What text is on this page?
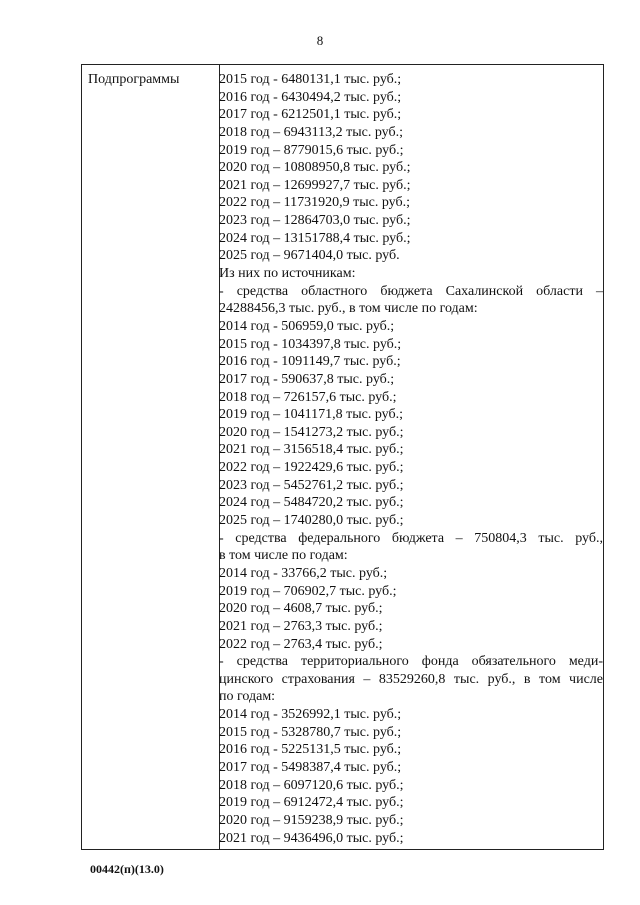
8
Подпрограммы	2015 год - 6480131,1 тыс. руб.;
2016 год - 6430494,2 тыс. руб.;
2017 год - 6212501,1 тыс. руб.;
2018 год – 6943113,2 тыс. руб.;
2019 год – 8779015,6 тыс. руб.;
2020 год – 10808950,8 тыс. руб.;
2021 год – 12699927,7 тыс. руб.;
2022 год – 11731920,9 тыс. руб.;
2023 год – 12864703,0 тыс. руб.;
2024 год – 13151788,4 тыс. руб.;
2025 год – 9671404,0 тыс. руб.
Из них по источникам:
- средства областного бюджета Сахалинской области –
24288456,3 тыс. руб., в том числе по годам:
2014 год - 506959,0 тыс. руб.;
2015 год - 1034397,8 тыс. руб.;
2016 год - 1091149,7 тыс. руб.;
2017 год - 590637,8 тыс. руб.;
2018 год – 726157,6 тыс. руб.;
2019 год – 1041171,8 тыс. руб.;
2020 год – 1541273,2 тыс. руб.;
2021 год – 3156518,4 тыс. руб.;
2022 год – 1922429,6 тыс. руб.;
2023 год – 5452761,2 тыс. руб.;
2024 год – 5484720,2 тыс. руб.;
2025 год – 1740280,0 тыс. руб.;
- средства федерального бюджета – 750804,3 тыс. руб.,
в том числе по годам:
2014 год - 33766,2 тыс. руб.;
2019 год – 706902,7 тыс. руб.;
2020 год – 4608,7 тыс. руб.;
2021 год – 2763,3 тыс. руб.;
2022 год – 2763,4 тыс. руб.;
- средства территориального фонда обязательного меди-
цинского страхования – 83529260,8 тыс. руб., в том числе
по годам:
2014 год - 3526992,1 тыс. руб.;
2015 год - 5328780,7 тыс. руб.;
2016 год - 5225131,5 тыс. руб.;
2017 год - 5498387,4 тыс. руб.;
2018 год – 6097120,6 тыс. руб.;
2019 год – 6912472,4 тыс. руб.;
2020 год – 9159238,9 тыс. руб.;
2021 год – 9436496,0 тыс. руб.;
00442(п)(13.0)
